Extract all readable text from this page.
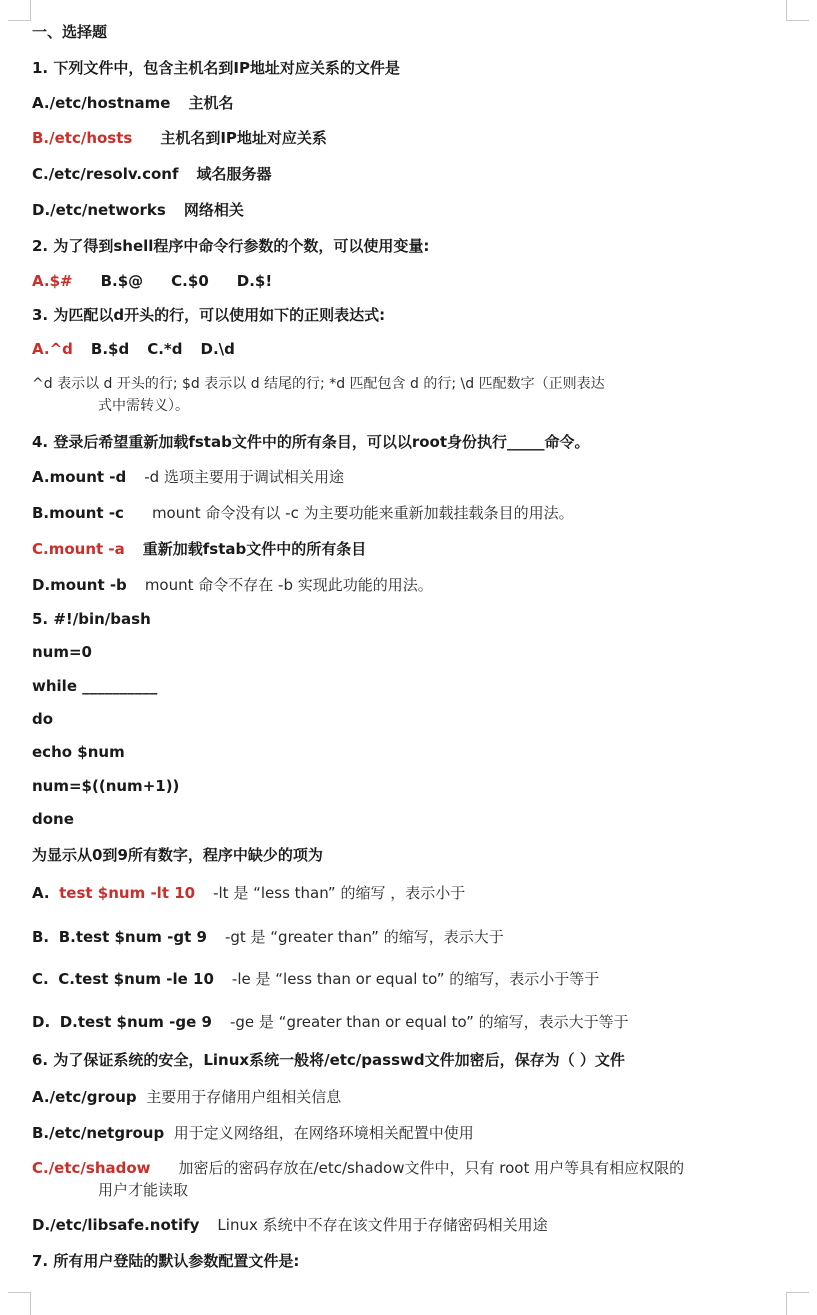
一、选择题
1. 下列文件中，包含主机名到IP地址对应关系的文件是
A./etc/hostname 主机名
B./etc/hosts 主机名到IP地址对应关系
C./etc/resolv.conf 域名服务器
D./etc/networks 网络相关
2. 为了得到shell程序中命令行参数的个数，可以使用变量:
A.$# B.$@ C.$0 D.$!
3. 为匹配以d开头的行，可以使用如下的正则表达式:
A.^d B.$d C.*d D.\d
^d 表示以 d 开头的行; $d 表示以 d 结尾的行; *d 匹配包含 d 的行; \d 匹配数字（正则表达
式中需转义）。
4. 登录后希望重新加载fstab文件中的所有条目，可以以root身份执行_____命令。
A.mount -d -d 选项主要用于调试相关用途
B.mount -c mount 命令没有以 -c 为主要功能来重新加载挂载条目的用法。
C.mount -a 重新加载fstab文件中的所有条目
D.mount -b mount 命令不存在 -b 实现此功能的用法。
5. #!/bin/bash
num=0
while __________
do
echo $num
num=$((num+1))
done
为显示从0到9所有数字，程序中缺少的项为
A. test $num -lt 10 -lt 是 “less than” 的缩写 ，表示小于
B. B.test $num -gt 9 -gt 是 “greater than” 的缩写，表示大于
C. C.test $num -le 10 -le 是 “less than or equal to” 的缩写，表示小于等于
D. D.test $num -ge 9 -ge 是 “greater than or equal to” 的缩写，表示大于等于
6. 为了保证系统的安全，Linux系统一般将/etc/passwd文件加密后，保存为（ ）文件
A./etc/group 主要用于存储用户组相关信息
B./etc/netgroup 用于定义网络组，在网络环境相关配置中使用
C./etc/shadow 加密后的密码存放在/etc/shadow文件中，只有 root 用户等具有相应权限的
用户才能读取
D./etc/libsafe.notify Linux 系统中不存在该文件用于存储密码相关用途
7. 所有用户登陆的默认参数配置文件是:
